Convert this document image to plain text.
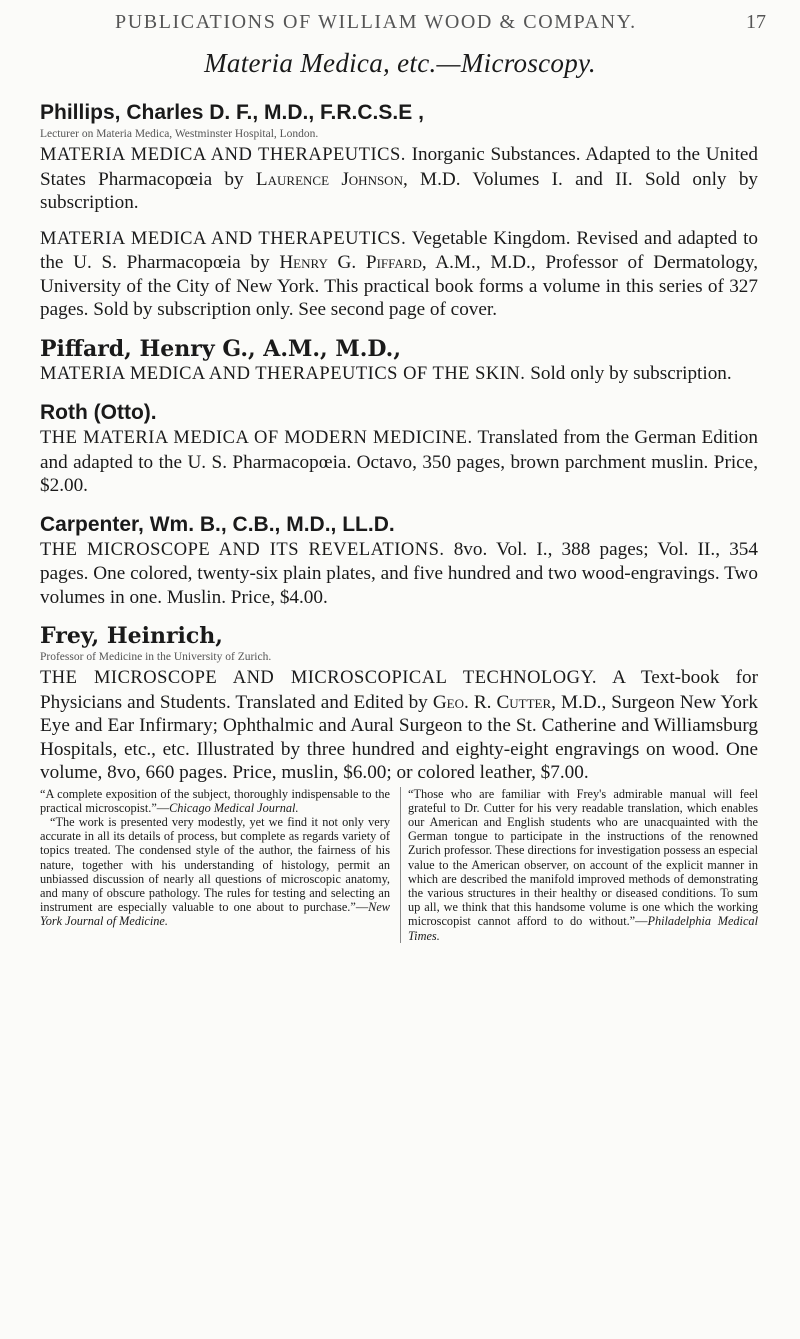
PUBLICATIONS OF WILLIAM WOOD & COMPANY.	17
Materia Medica, etc.—Microscopy.

Phillips, Charles D. F., M.D., F.R.C.S.E ,

Lecturer on Materia Medica, Westminster Hospital, London.

MATERIA MEDICA AND THERAPEUTICS. Inorganic Substances. Adapted to the United States Pharmacopœia by Laurence Johnson, M.D. Volumes I. and II. Sold only by subscription.

MATERIA MEDICA AND THERAPEUTICS. Vegetable Kingdom. Revised and adapted to the U. S. Pharmacopœia by Henry G. Piffard, A.M., M.D., Professor of Dermatology, University of the City of New York. This practical book forms a volume in this series of 327 pages. Sold by subscription only. See second page of cover.

Piffard, Henry G., A.M., M.D.,

MATERIA MEDICA AND THERAPEUTICS OF THE SKIN. Sold only by subscription.

Roth (Otto).

THE MATERIA MEDICA OF MODERN MEDICINE. Translated from the German Edition and adapted to the U. S. Pharmacopœia. Octavo, 350 pages, brown parchment muslin. Price, $2.00.

Carpenter, Wm. B., C.B., M.D., LL.D.

THE MICROSCOPE AND ITS REVELATIONS. 8vo. Vol. I., 388 pages; Vol. II., 354 pages. One colored, twenty-six plain plates, and five hundred and two wood-engravings. Two volumes in one. Muslin. Price, $4.00.

Frey, Heinrich,

Professor of Medicine in the University of Zurich.

THE MICROSCOPE AND MICROSCOPICAL TECHNOLOGY. A Text-book for Physicians and Students. Translated and Edited by Geo. R. Cutter, M.D., Surgeon New York Eye and Ear Infirmary; Ophthalmic and Aural Surgeon to the St. Catherine and Williamsburg Hospitals, etc., etc. Illustrated by three hundred and eighty-eight engravings on wood. One volume, 8vo, 660 pages. Price, muslin, $6.00; or colored leather, $7.00.

“A complete exposition of the subject, thoroughly indispensable to the practical microscopist.”—Chicago Medical Journal.

“The work is presented very modestly, yet we find it not only very accurate in all its details of process, but complete as regards variety of topics treated. The condensed style of the author, the fairness of his nature, together with his understanding of histology, permit an unbiassed discussion of nearly all questions of microscopic anatomy, and many of obscure pathology. The rules for testing and selecting an instrument are especially valuable to one about to purchase.”—New York Journal of Medicine.

“Those who are familiar with Frey's admirable manual will feel grateful to Dr. Cutter for his very readable translation, which enables our American and English students who are unacquainted with the German tongue to participate in the instructions of the renowned Zurich professor. These directions for investigation possess an especial value to the American observer, on account of the explicit manner in which are described the manifold improved methods of demonstrating the various structures in their healthy or diseased conditions. To sum up all, we think that this handsome volume is one which the working microscopist cannot afford to do without.”—Philadelphia Medical Times.
